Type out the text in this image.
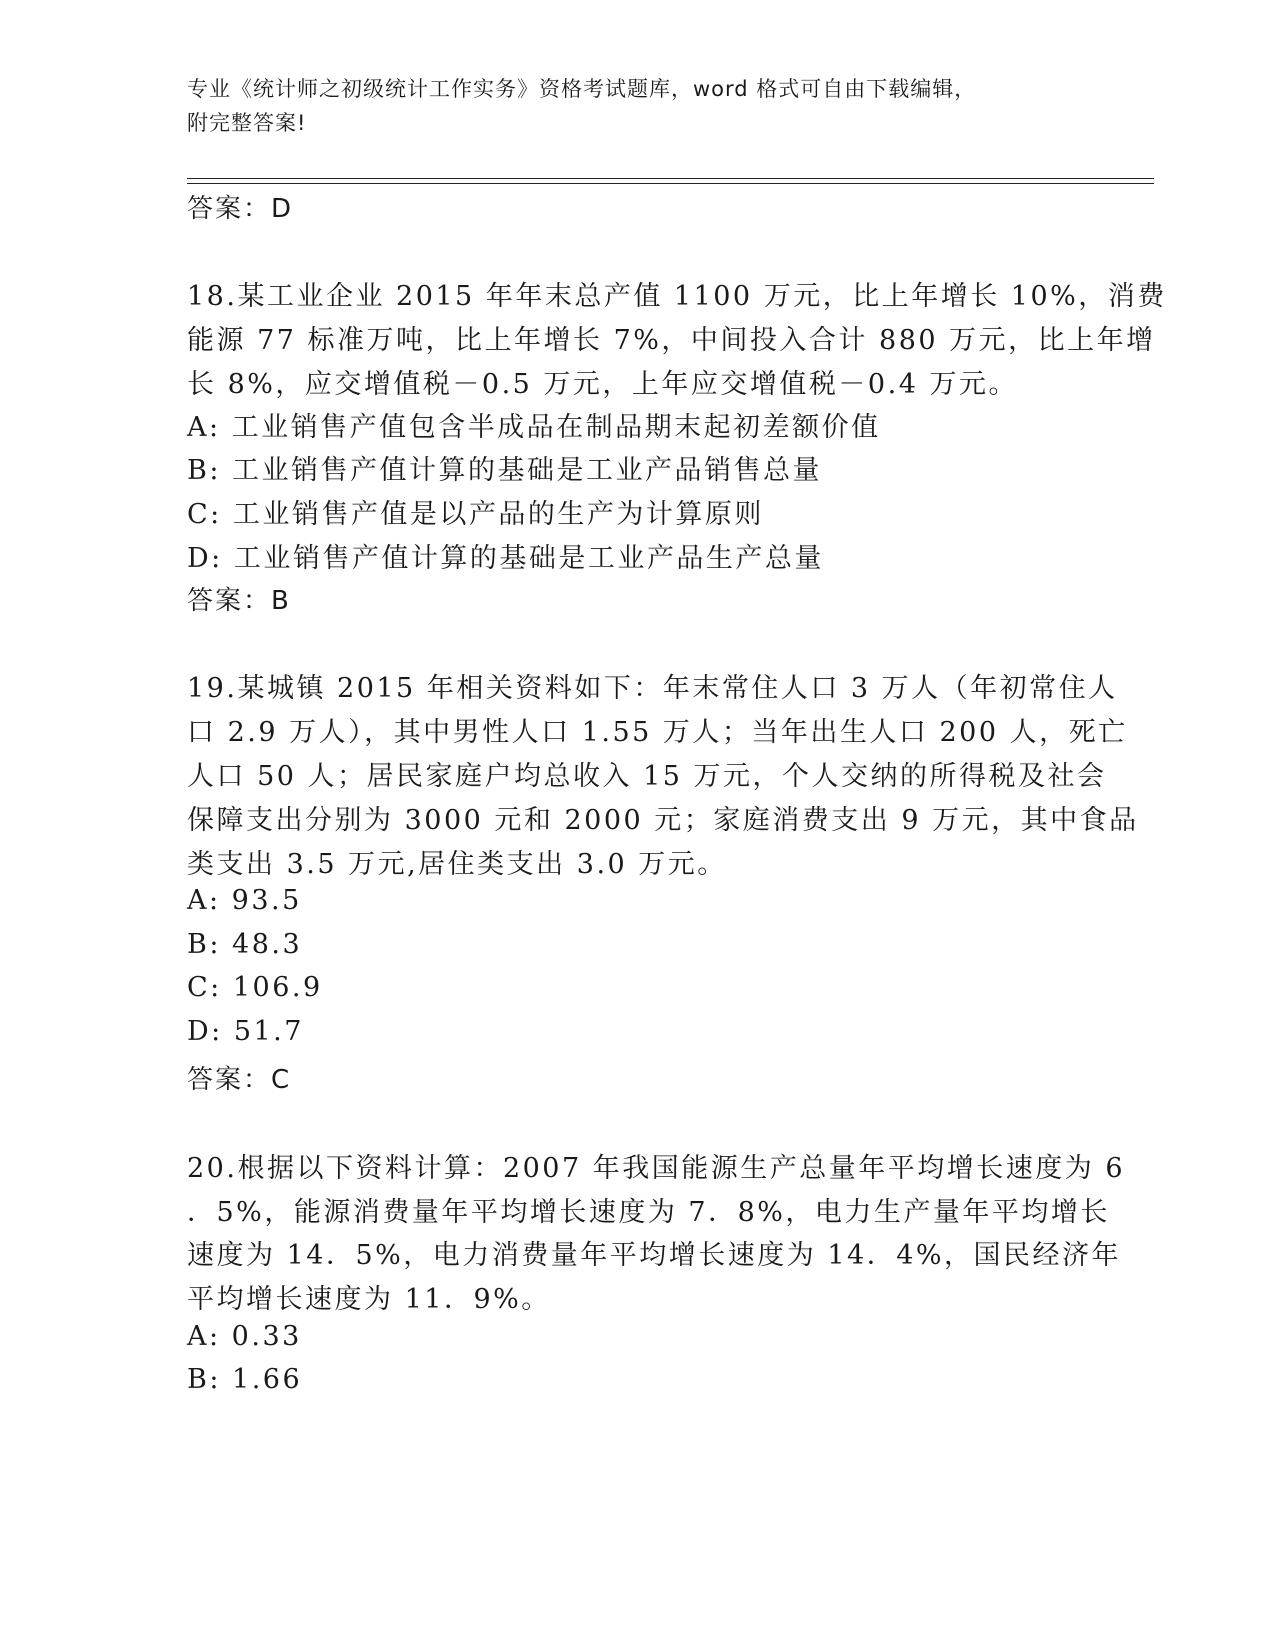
专业《统计师之初级统计工作实务》资格考试题库，word 格式可自由下载编辑，
附完整答案!
答案：D
18.某工业企业 2015 年年末总产值 1100 万元，比上年增长 10%，消费
能源 77 标准万吨，比上年增长 7%，中间投入合计 880 万元，比上年增
长 8%，应交增值税－0.5 万元，上年应交增值税－0.4 万元。
A: 工业销售产值包含半成品在制品期末起初差额价值
B: 工业销售产值计算的基础是工业产品销售总量
C: 工业销售产值是以产品的生产为计算原则
D: 工业销售产值计算的基础是工业产品生产总量
答案：B
19.某城镇 2015 年相关资料如下：年末常住人口 3 万人（年初常住人
口 2.9 万人），其中男性人口 1.55 万人；当年出生人口 200 人，死亡
人口 50 人；居民家庭户均总收入 15 万元，个人交纳的所得税及社会
保障支出分别为 3000 元和 2000 元；家庭消费支出 9 万元，其中食品
类支出 3.5 万元,居住类支出 3.0 万元。
A: 93.5
B: 48.3
C: 106.9
D: 51.7
答案：C
20.根据以下资料计算：2007 年我国能源生产总量年平均增长速度为 6
．5%，能源消费量年平均增长速度为 7．8%，电力生产量年平均增长
速度为 14．5%，电力消费量年平均增长速度为 14．4%，国民经济年
平均增长速度为 11．9%。
A: 0.33
B: 1.66
